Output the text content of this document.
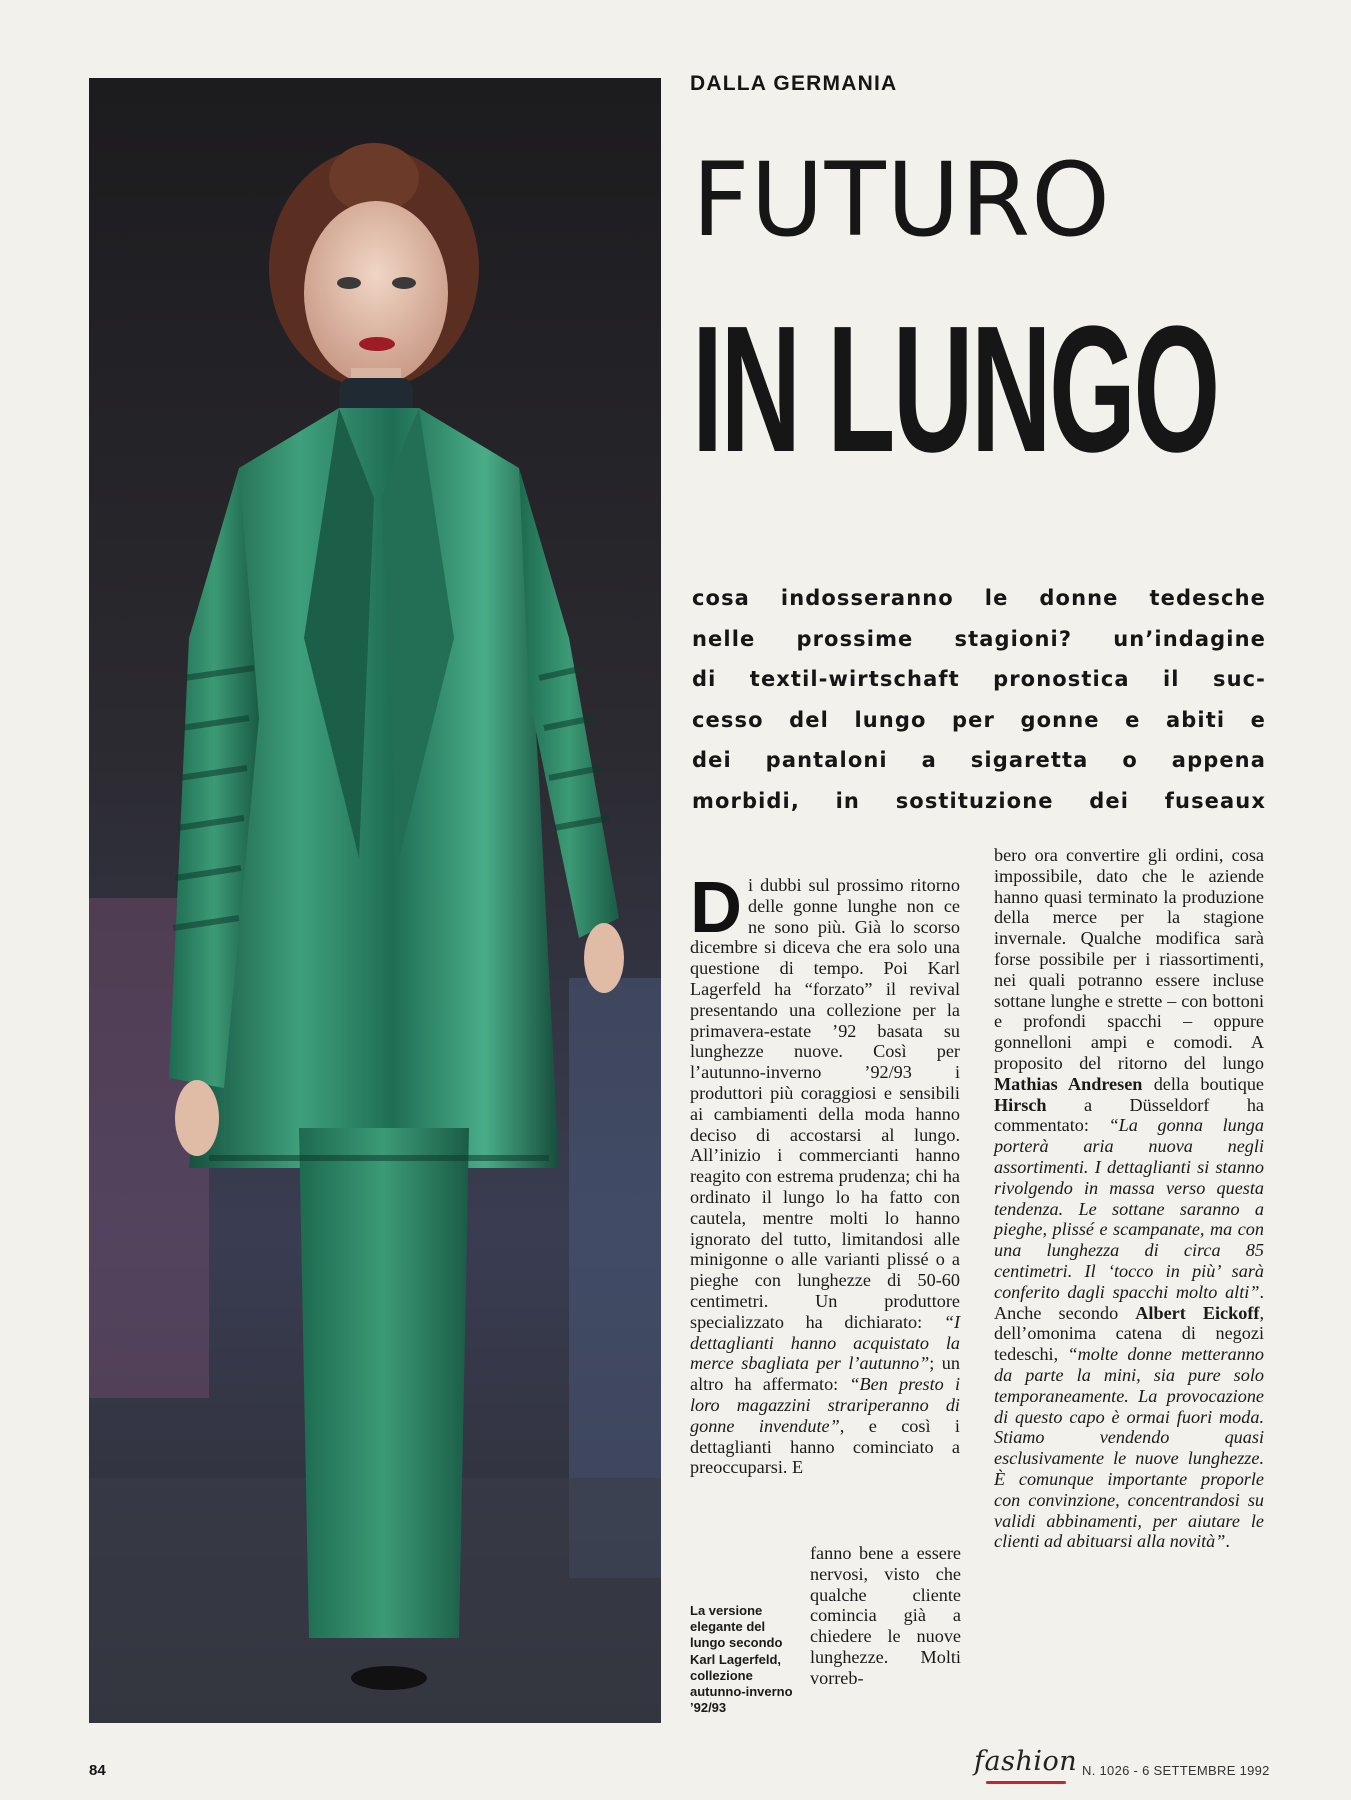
DALLA GERMANIA
FUTURO
IN LUNGO
cosa indosseranno le donne tedesche
nelle prossime stagioni? un’indagine
di textil-wirtschaft pronostica il suc-
cesso del lungo per gonne e abiti e
dei pantaloni a sigaretta o appena
morbidi, in sostituzione dei fuseaux

Di dubbi sul prossimo ritorno delle gonne lunghe non ce ne sono più. Già lo scorso dicembre si diceva che era solo una questione di tempo. Poi Karl Lagerfeld ha “forzato” il revival presentando una collezione per la primavera-estate ’92 basata su lunghezze nuove. Così per l’autunno-inverno ’92/93 i produttori più coraggiosi e sensibili ai cambiamenti della moda hanno deciso di accostarsi al lungo. All’inizio i commercianti hanno reagito con estrema prudenza; chi ha ordinato il lungo lo ha fatto con cautela, mentre molti lo hanno ignorato del tutto, limitandosi alle minigonne o alle varianti plissé o a pieghe con lunghezze di 50-60 centimetri. Un produttore specializzato ha dichiarato: “I dettaglianti hanno acquistato la merce sbagliata per l’autunno”; un altro ha affermato: “Ben presto i loro magazzini strariperanno di gonne invendute”, e così i dettaglianti hanno cominciato a preoccuparsi. E

fanno bene a essere nervosi, visto che qualche cliente comincia già a chiedere le nuove lunghezze. Molti vorreb-
La versione elegante del lungo secondo Karl Lagerfeld, collezione autunno-inverno ’92/93

bero ora convertire gli ordini, cosa impossibile, dato che le aziende hanno quasi terminato la produzione della merce per la stagione invernale. Qualche modifica sarà forse possibile per i riassortimenti, nei quali potranno essere incluse sottane lunghe e strette – con bottoni e profondi spacchi – oppure gonnelloni ampi e comodi. A proposito del ritorno del lungo Mathias Andresen della boutique Hirsch a Düsseldorf ha commentato: “La gonna lunga porterà aria nuova negli assortimenti. I dettaglianti si stanno rivolgendo in massa verso questa tendenza. Le sottane saranno a pieghe, plissé e scampanate, ma con una lunghezza di circa 85 centimetri. Il ‘tocco in più’ sarà conferito dagli spacchi molto alti”. Anche secondo Albert Eickoff, dell’omonima catena di negozi tedeschi, “molte donne metteranno da parte la mini, sia pure solo temporaneamente. La provocazione di questo capo è ormai fuori moda. Stiamo vendendo quasi esclusivamente le nuove lunghezze. È comunque importante proporle con convinzione, concentrandosi su validi abbinamenti, per aiutare le clienti ad abituarsi alla novità”.

84	fashion N. 1026 - 6 SETTEMBRE 1992
